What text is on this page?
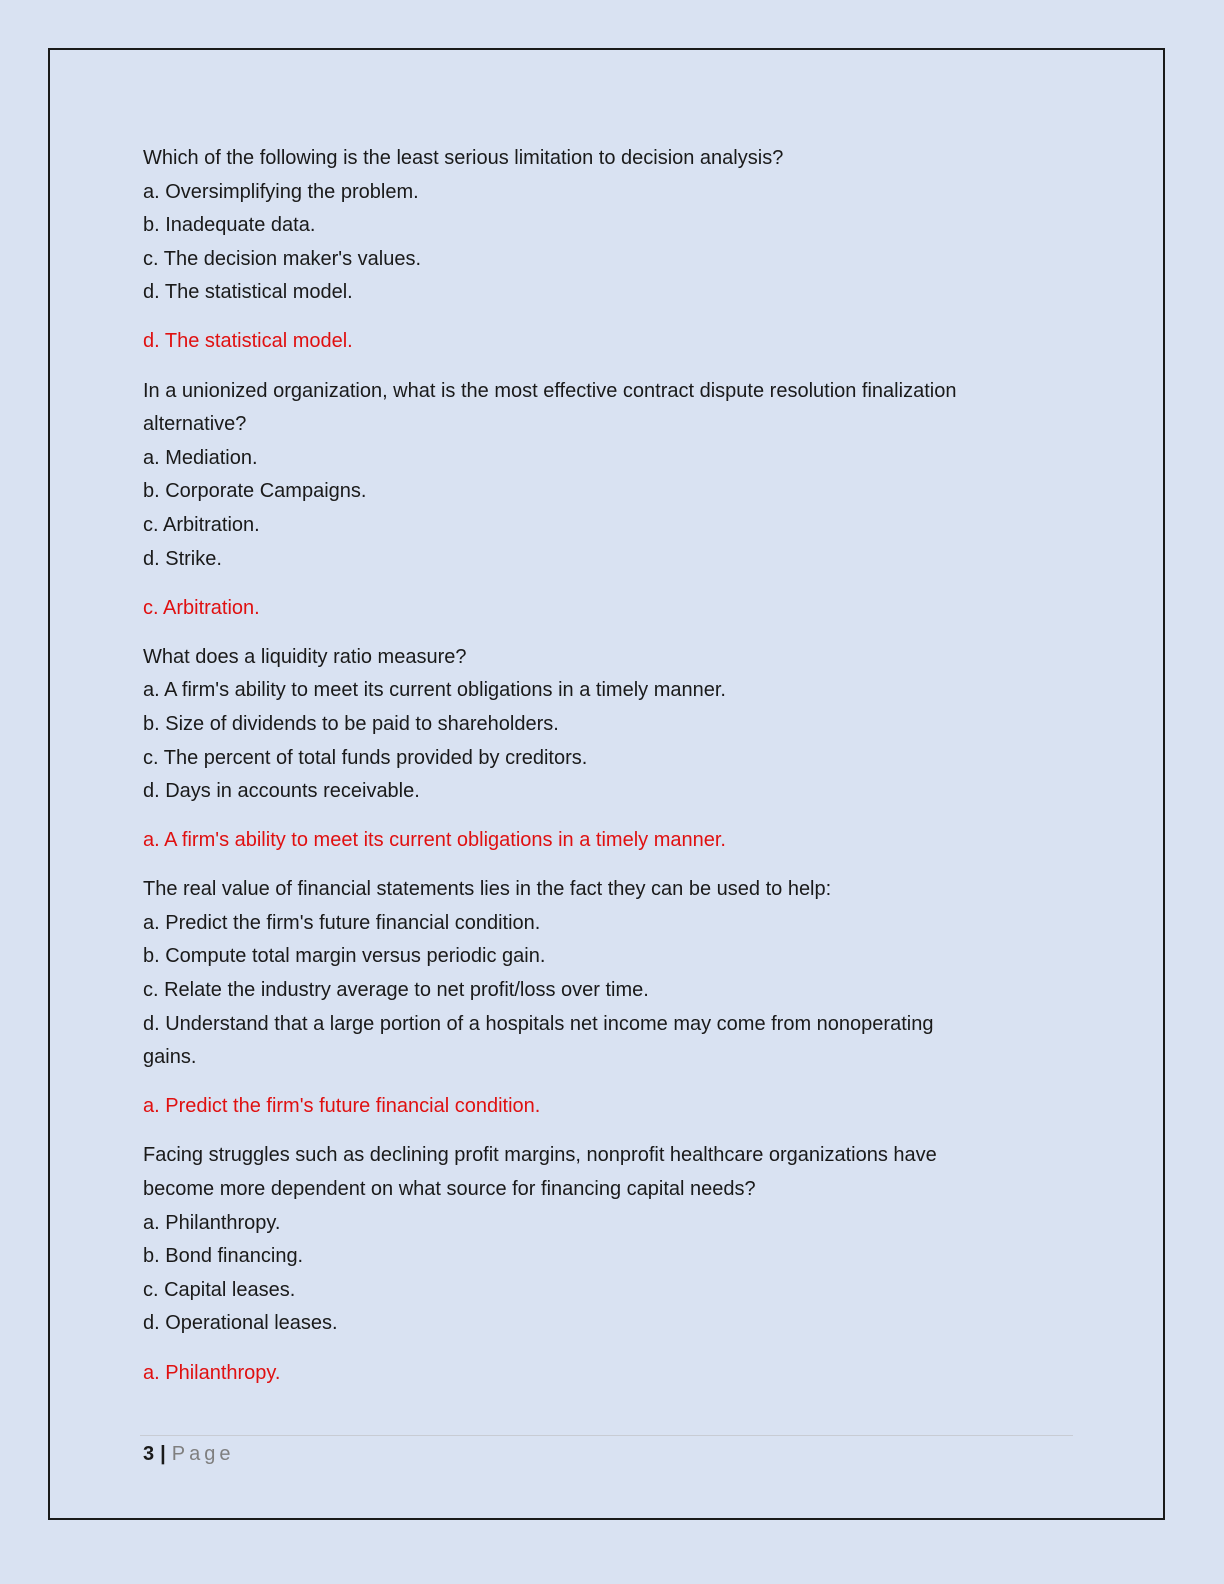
Which of the following is the least serious limitation to decision analysis?

a. Oversimplifying the problem.

b. Inadequate data.

c. The decision maker's values.

d. The statistical model.

d. The statistical model.

In a unionized organization, what is the most effective contract dispute resolution finalization

alternative?

a. Mediation.

b. Corporate Campaigns.

c. Arbitration.

d. Strike.

c. Arbitration.

What does a liquidity ratio measure?

a. A firm's ability to meet its current obligations in a timely manner.

b. Size of dividends to be paid to shareholders.

c. The percent of total funds provided by creditors.

d. Days in accounts receivable.

a. A firm's ability to meet its current obligations in a timely manner.

The real value of financial statements lies in the fact they can be used to help:

a. Predict the firm's future financial condition.

b. Compute total margin versus periodic gain.

c. Relate the industry average to net profit/loss over time.

d. Understand that a large portion of a hospitals net income may come from nonoperating

gains.

a. Predict the firm's future financial condition.

Facing struggles such as declining profit margins, nonprofit healthcare organizations have

become more dependent on what source for financing capital needs?

a. Philanthropy.

b. Bond financing.

c. Capital leases.

d. Operational leases.

a. Philanthropy.

3 | Page
